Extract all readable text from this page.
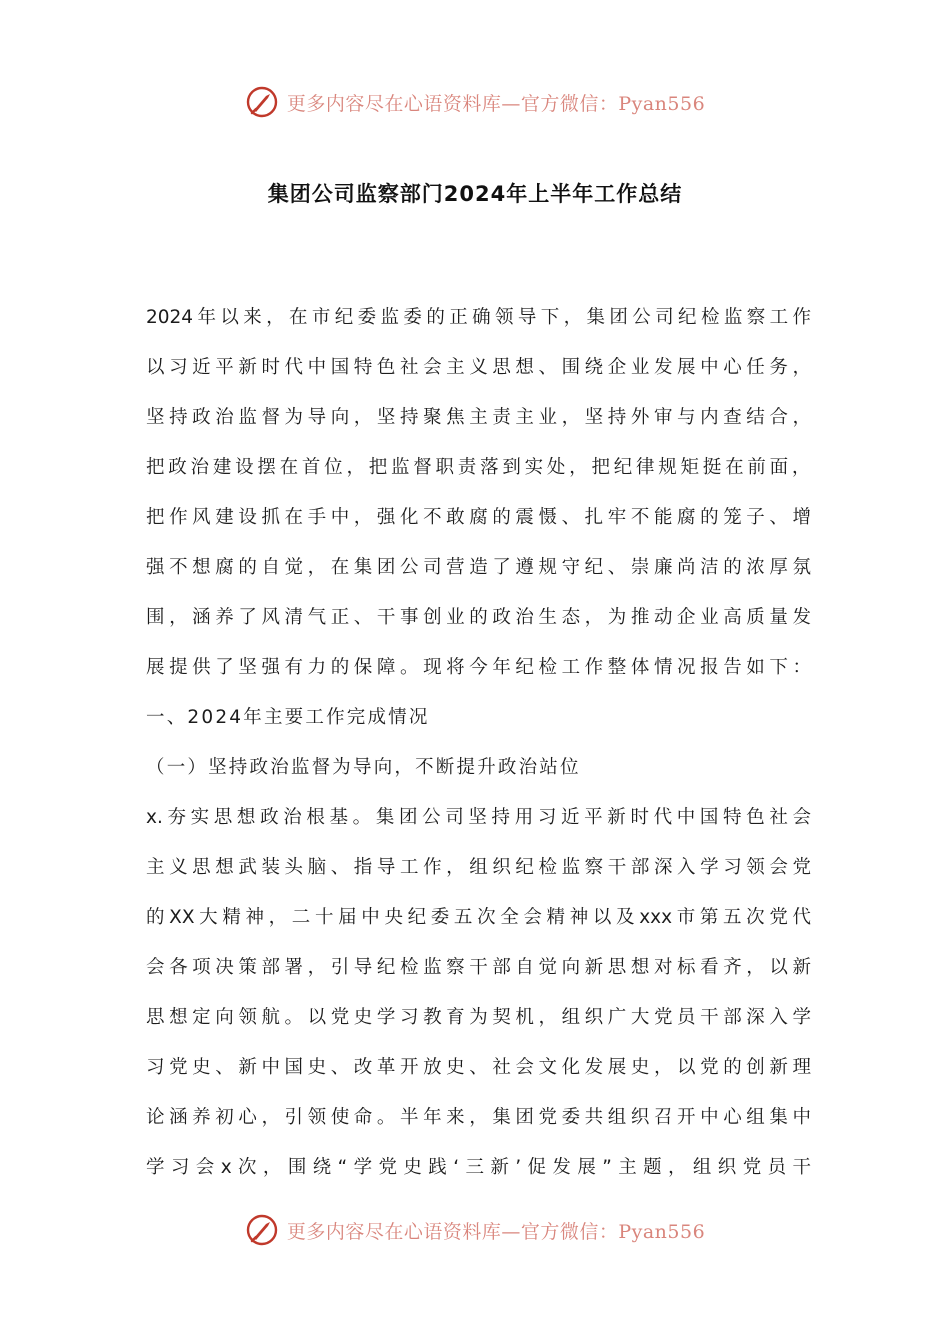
更多内容尽在心语资料库—官方微信：Pyan556
集团公司监察部门2024年上半年工作总结
2024年以来，在市纪委监委的正确领导下，集团公司纪检监察工作
以习近平新时代中国特色社会主义思想、围绕企业发展中心任务，
坚持政治监督为导向，坚持聚焦主责主业，坚持外审与内查结合，
把政治建设摆在首位，把监督职责落到实处，把纪律规矩挺在前面，
把作风建设抓在手中，强化不敢腐的震慑、扎牢不能腐的笼子、增
强不想腐的自觉，在集团公司营造了遵规守纪、崇廉尚洁的浓厚氛
围，涵养了风清气正、干事创业的政治生态，为推动企业高质量发
展提供了坚强有力的保障。现将今年纪检工作整体情况报告如下：
一、2024年主要工作完成情况
（一）坚持政治监督为导向，不断提升政治站位
x.夯实思想政治根基。集团公司坚持用习近平新时代中国特色社会
主义思想武装头脑、指导工作，组织纪检监察干部深入学习领会党
的XX大精神，二十届中央纪委五次全会精神以及xxx市第五次党代
会各项决策部署，引导纪检监察干部自觉向新思想对标看齐，以新
思想定向领航。以党史学习教育为契机，组织广大党员干部深入学
习党史、新中国史、改革开放史、社会文化发展史，以党的创新理
论涵养初心，引领使命。半年来，集团党委共组织召开中心组集中
学习会x次，围绕“学党史践‘三新’促发展”主题，组织党员干
更多内容尽在心语资料库—官方微信：Pyan556
